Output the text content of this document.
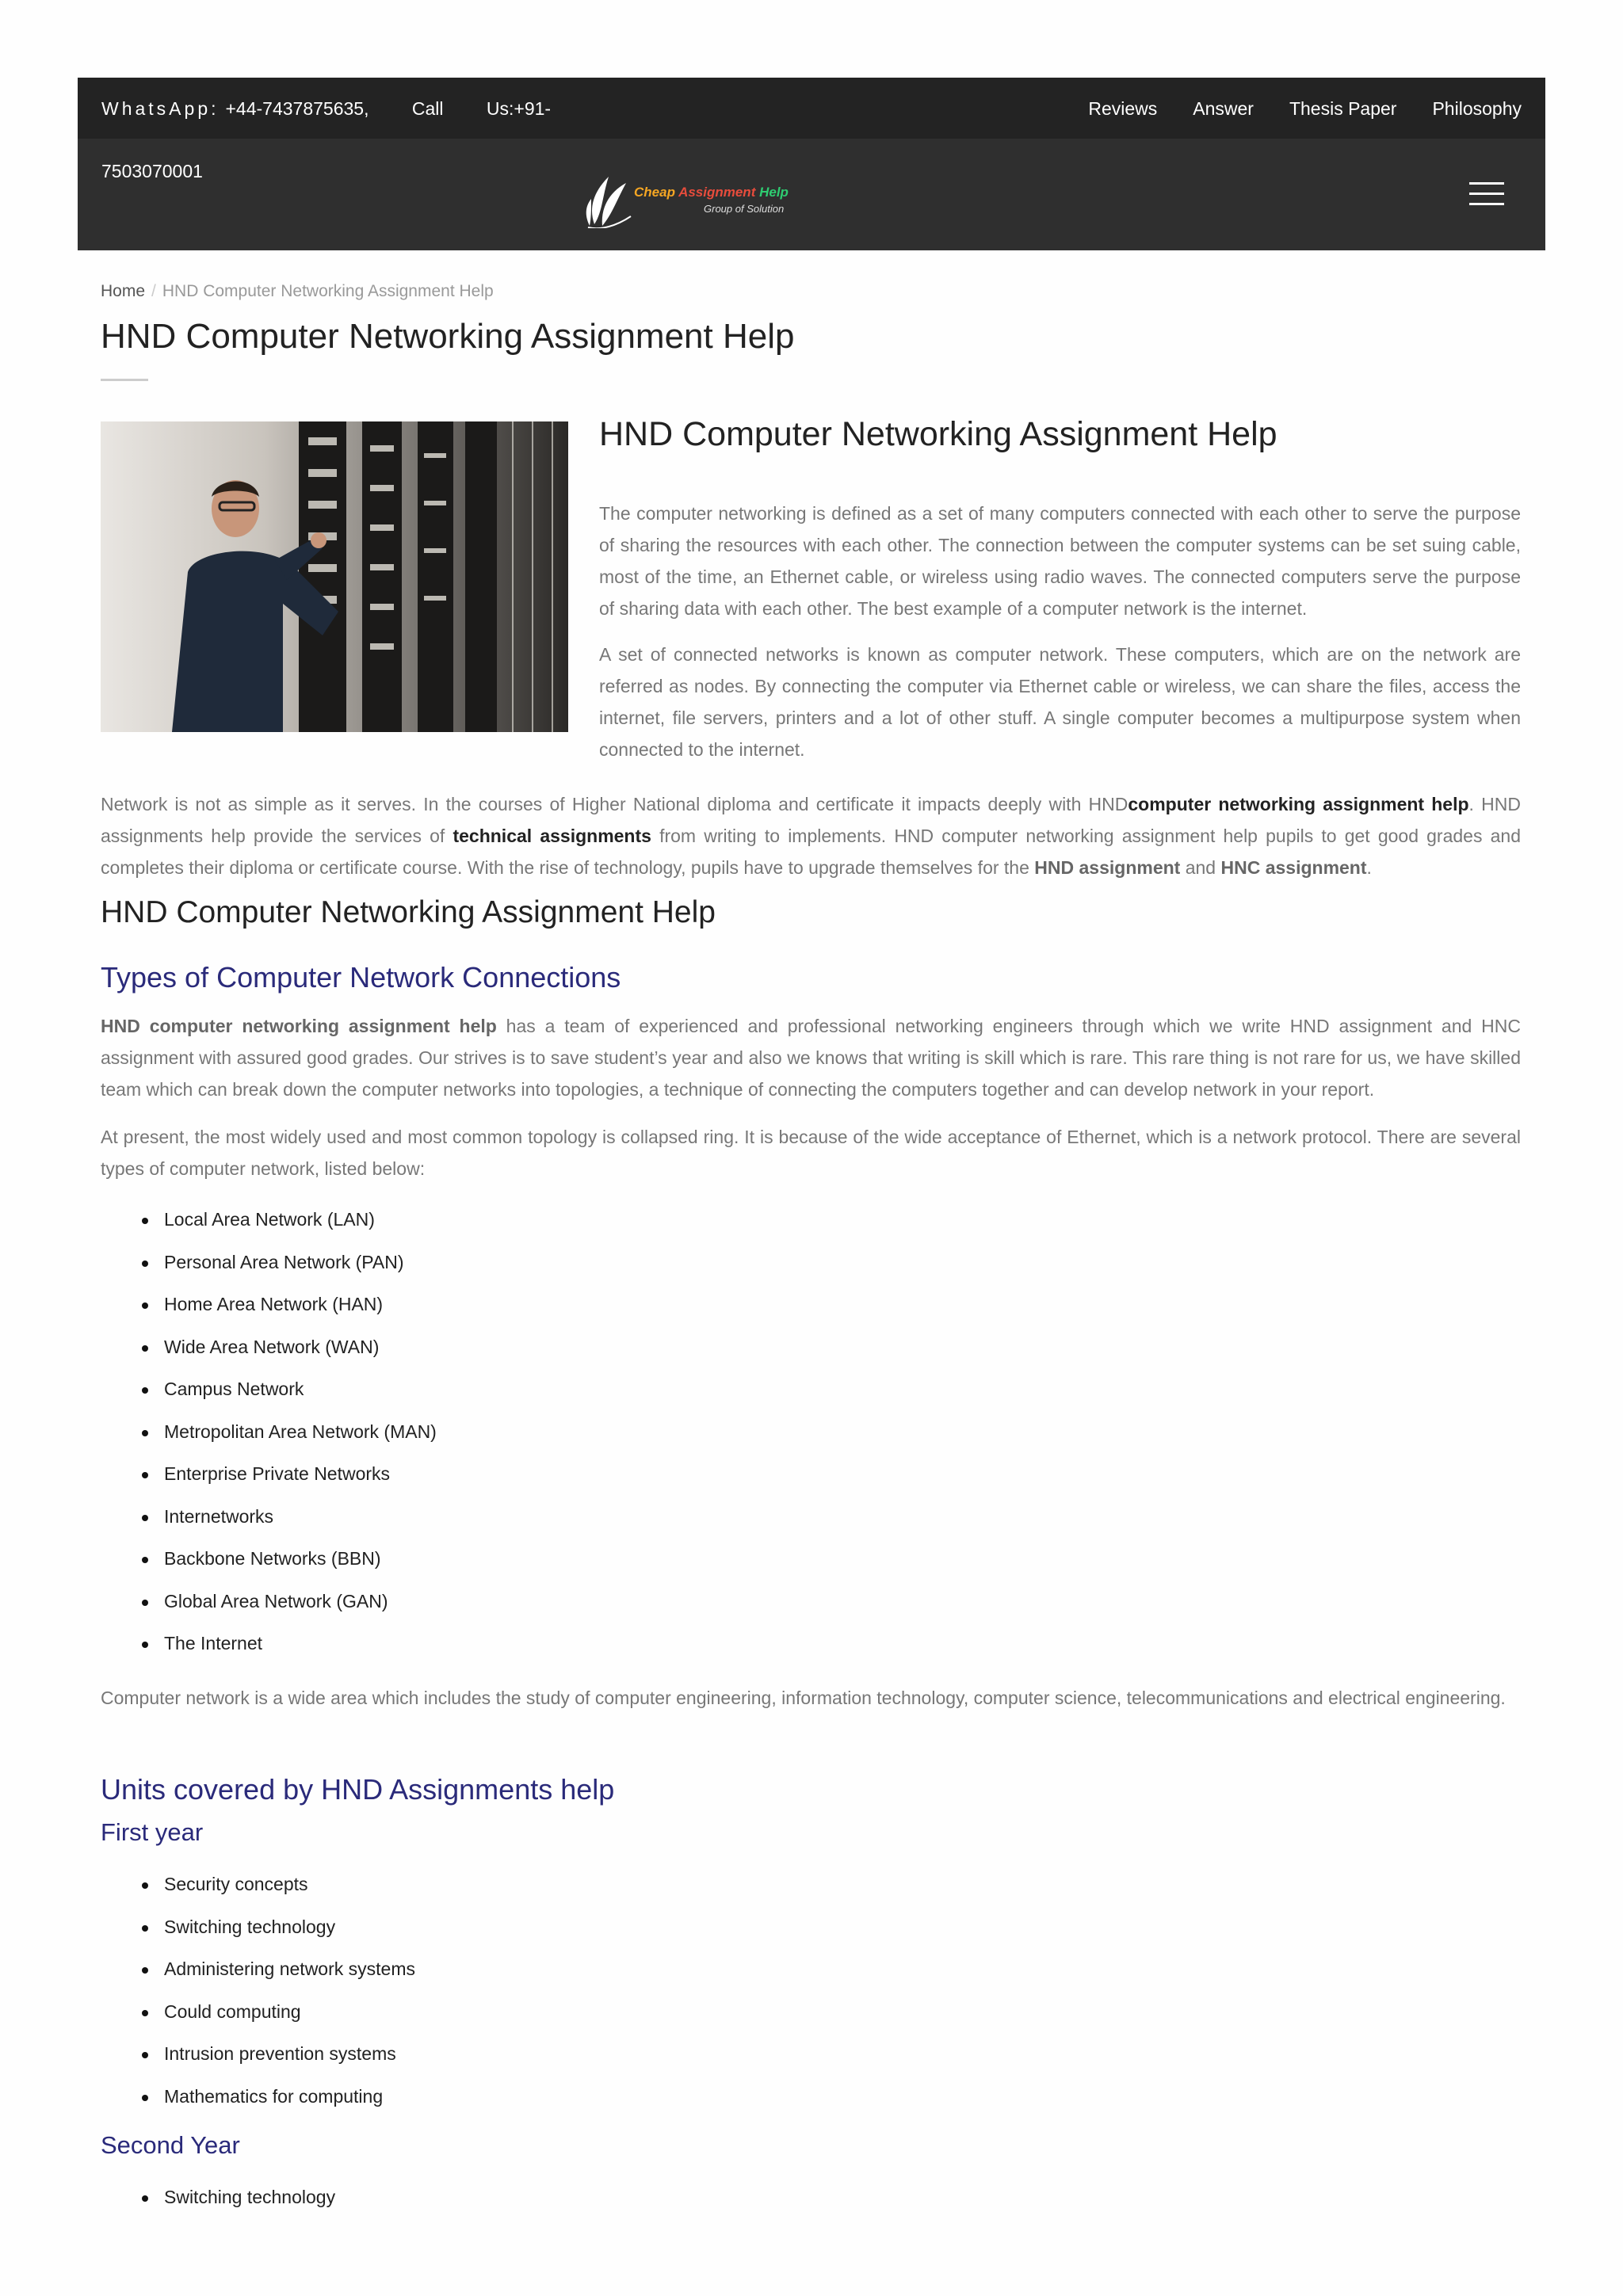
WhatsApp: +44-7437875635, Call Us:+91-	Reviews Answer Thesis Paper Philosophy
7503070001
Cheap Assignment Help
Group of Solution
Home / HND Computer Networking Assignment Help
HND Computer Networking Assignment Help
HND Computer Networking Assignment Help

The computer networking is defined as a set of many computers connected with each other to serve the purpose of sharing the resources with each other. The connection between the computer systems can be set suing cable, most of the time, an Ethernet cable, or wireless using radio waves. The connected computers serve the purpose of sharing data with each other. The best example of a computer network is the internet.

A set of connected networks is known as computer network. These computers, which are on the network are referred as nodes. By connecting the computer via Ethernet cable or wireless, we can share the files, access the internet, file servers, printers and a lot of other stuff. A single computer becomes a multipurpose system when connected to the internet.

Network is not as simple as it serves. In the courses of Higher National diploma and certificate it impacts deeply with HNDcomputer networking assignment help. HND assignments help provide the services of technical assignments from writing to implements. HND computer networking assignment help pupils to get good grades and completes their diploma or certificate course. With the rise of technology, pupils have to upgrade themselves for the HND assignment and HNC assignment.

HND Computer Networking Assignment Help
Types of Computer Network Connections

HND computer networking assignment help has a team of experienced and professional networking engineers through which we write HND assignment and HNC assignment with assured good grades. Our strives is to save student’s year and also we knows that writing is skill which is rare. This rare thing is not rare for us, we have skilled team which can break down the computer networks into topologies, a technique of connecting the computers together and can develop network in your report.

At present, the most widely used and most common topology is collapsed ring. It is because of the wide acceptance of Ethernet, which is a network protocol. There are several types of computer network, listed below:

Local Area Network (LAN)
Personal Area Network (PAN)
Home Area Network (HAN)
Wide Area Network (WAN)
Campus Network
Metropolitan Area Network (MAN)
Enterprise Private Networks
Internetworks
Backbone Networks (BBN)
Global Area Network (GAN)
The Internet

Computer network is a wide area which includes the study of computer engineering, information technology, computer science, telecommunications and electrical engineering.

Units covered by HND Assignments help
First year
Security concepts
Switching technology
Administering network systems
Could computing
Intrusion prevention systems
Mathematics for computing
Second Year
Switching technology
